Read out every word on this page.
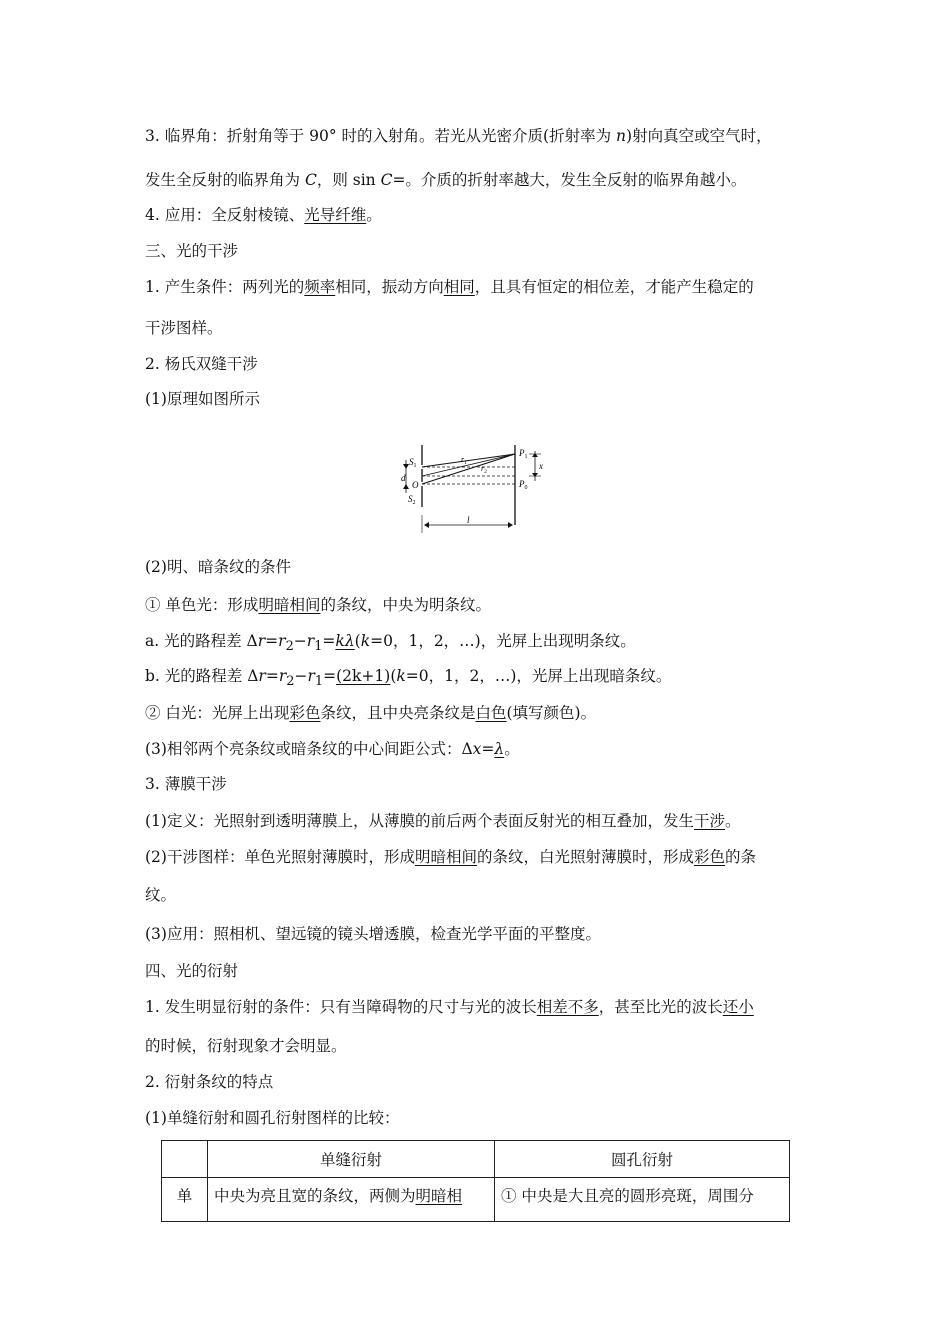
3. 临界角：折射角等于 90° 时的入射角。若光从光密介质(折射率为 n)射向真空或空气时，
发生全反射的临界角为 C，则 sin C=。介质的折射率越大，发生全反射的临界角越小。
4. 应用：全反射棱镜、光导纤维。
三、光的干涉
1. 产生条件：两列光的频率相同，振动方向相同，且具有恒定的相位差，才能产生稳定的
干涉图样。
2. 杨氏双缝干涉
(1)原理如图所示
$S_1$
d
O
$S_2$
$r_1$
$r_2$
$P_1$
$P_0$
x
l
(2)明、暗条纹的条件
① 单色光：形成明暗相间的条纹，中央为明条纹。
a. 光的路程差 $\Delta r=r_2-r_1=k\lambda(k=0$，1，2，…)，光屏上出现明条纹。
b. 光的路程差 $\Delta r=r_2-r_1=(2k+1)(k=0$，1，2，…)，光屏上出现暗条纹。
② 白光：光屏上出现彩色条纹，且中央亮条纹是白色(填写颜色)。
(3)相邻两个亮条纹或暗条纹的中心间距公式：Δx=λ。
3. 薄膜干涉
(1)定义：光照射到透明薄膜上，从薄膜的前后两个表面反射光的相互叠加，发生干涉。
(2)干涉图样：单色光照射薄膜时，形成明暗相间的条纹，白光照射薄膜时，形成彩色的条
纹。
(3)应用：照相机、望远镜的镜头增透膜，检查光学平面的平整度。
四、光的衍射
1. 发生明显衍射的条件：只有当障碍物的尺寸与光的波长相差不多，甚至比光的波长还小
的时候，衍射现象才会明显。
2. 衍射条纹的特点
(1)单缝衍射和圆孔衍射图样的比较：
	单缝衍射	圆孔衍射
单	中央为亮且宽的条纹，两侧为明暗相	① 中央是大且亮的圆形亮斑，周围分
